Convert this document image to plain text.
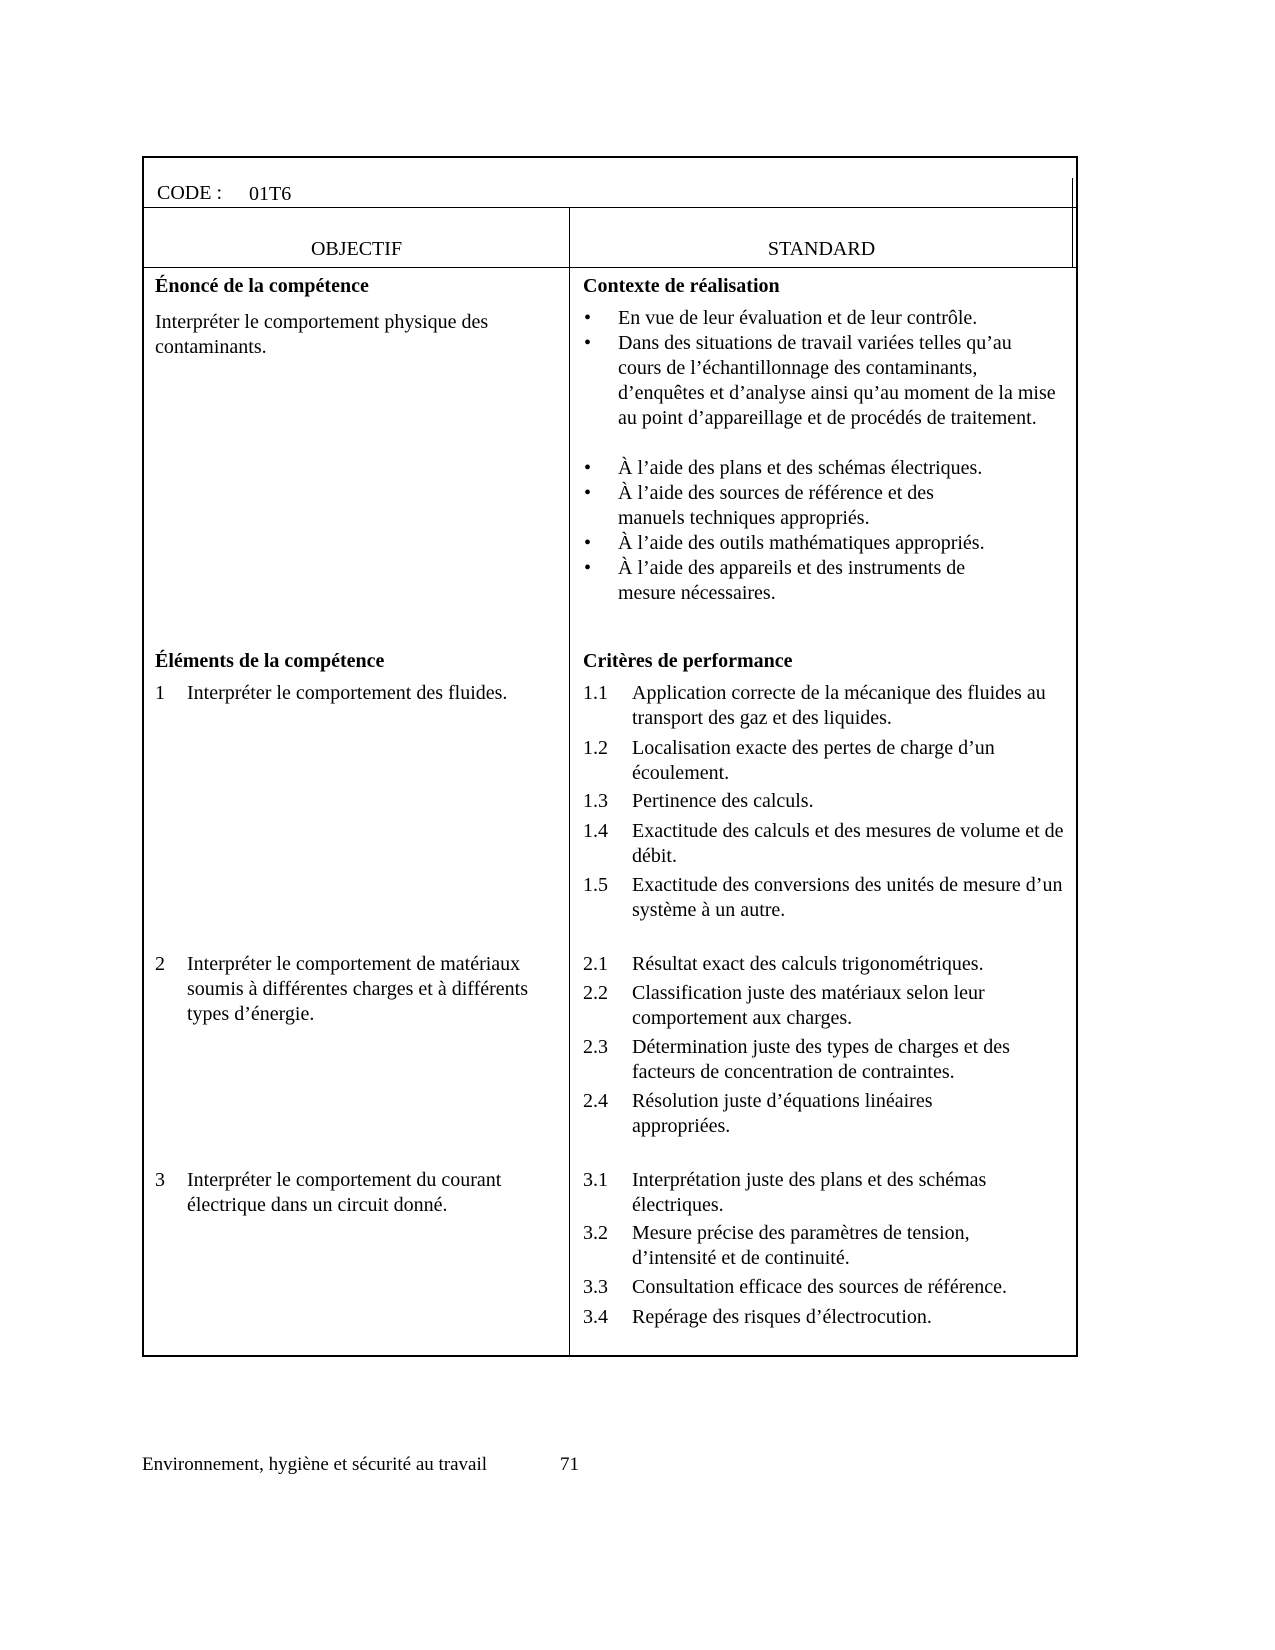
CODE : 01T6
OBJECTIF	STANDARD
Énoncé de la compétence
Interpréter le comportement physique des contaminants.
Éléments de la compétence
1 Interpréter le comportement des fluides.
2 Interpréter le comportement de matériaux soumis à différentes charges et à différents types d’énergie.
3 Interpréter le comportement du courant électrique dans un circuit donné.
Contexte de réalisation
• En vue de leur évaluation et de leur contrôle.
• Dans des situations de travail variées telles qu’au cours de l’échantillonnage des contaminants, d’enquêtes et d’analyse ainsi qu’au moment de la mise au point d’appareillage et de procédés de traitement.
• À l’aide des plans et des schémas électriques.
• À l’aide des sources de référence et des manuels techniques appropriés.
• À l’aide des outils mathématiques appropriés.
• À l’aide des appareils et des instruments de mesure nécessaires.
Critères de performance
1.1 Application correcte de la mécanique des fluides au transport des gaz et des liquides.
1.2 Localisation exacte des pertes de charge d’un écoulement.
1.3 Pertinence des calculs.
1.4 Exactitude des calculs et des mesures de volume et de débit.
1.5 Exactitude des conversions des unités de mesure d’un système à un autre.
2.1 Résultat exact des calculs trigonométriques.
2.2 Classification juste des matériaux selon leur comportement aux charges.
2.3 Détermination juste des types de charges et des facteurs de concentration de contraintes.
2.4 Résolution juste d’équations linéaires appropriées.
3.1 Interprétation juste des plans et des schémas électriques.
3.2 Mesure précise des paramètres de tension, d’intensité et de continuité.
3.3 Consultation efficace des sources de référence.
3.4 Repérage des risques d’électrocution.
Environnement, hygiène et sécurité au travail	71
